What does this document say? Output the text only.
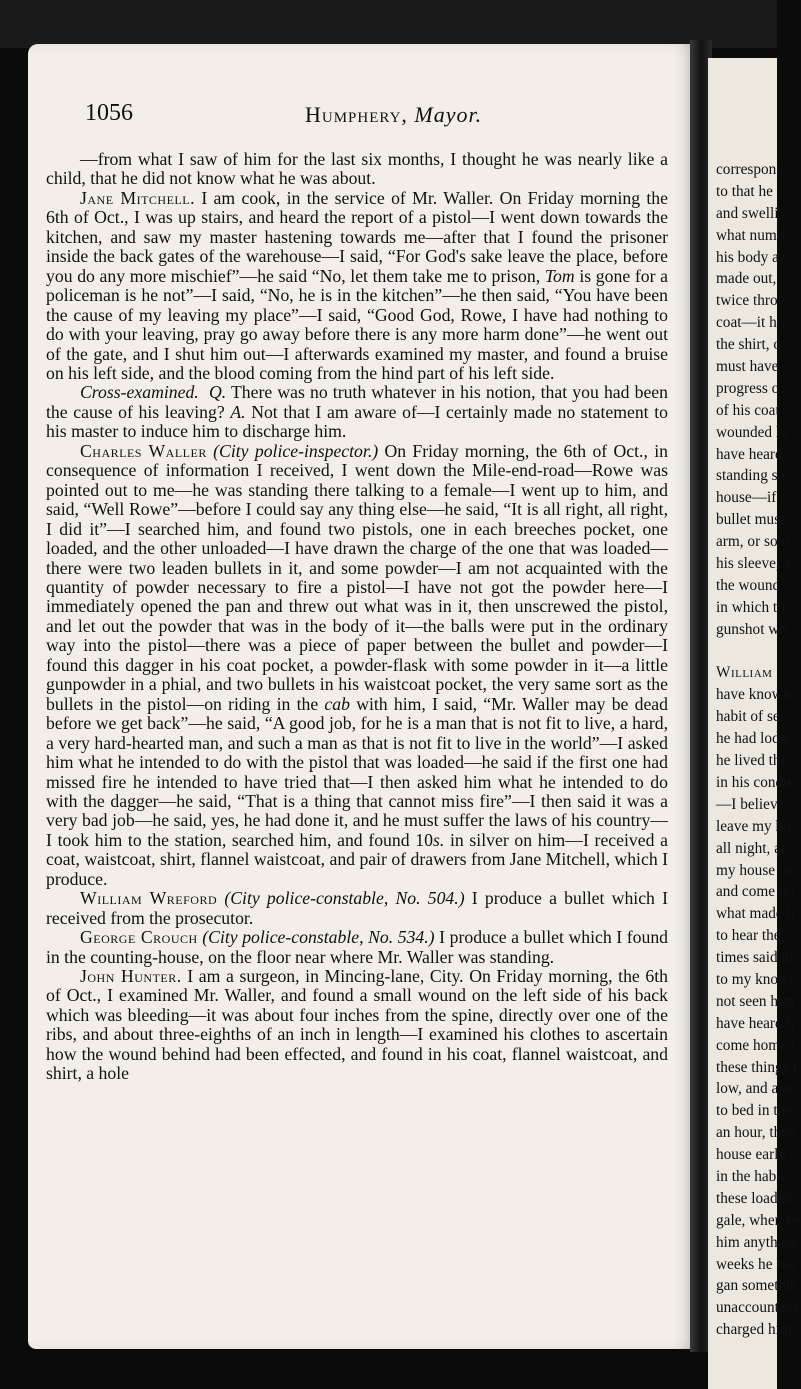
1056	Humphery, Mayor.

—from what I saw of him for the last six months, I thought he was nearly like a child, that he did not know what he was about.

Jane Mitchell. I am cook, in the service of Mr. Waller. On Friday morning the 6th of Oct., I was up stairs, and heard the report of a pistol—I went down towards the kitchen, and saw my master hastening towards me—after that I found the prisoner inside the back gates of the warehouse—I said, “For God's sake leave the place, before you do any more mischief”—he said “No, let them take me to prison, Tom is gone for a policeman is he not”—I said, “No, he is in the kitchen”—he then said, “You have been the cause of my leaving my place”—I said, “Good God, Rowe, I have had nothing to do with your leaving, pray go away before there is any more harm done”—he went out of the gate, and I shut him out—I afterwards examined my master, and found a bruise on his left side, and the blood coming from the hind part of his left side.

Cross-examined. Q. There was no truth whatever in his notion, that you had been the cause of his leaving? A. Not that I am aware of—I certainly made no statement to his master to induce him to discharge him.

Charles Waller (City police-inspector.) On Friday morning, the 6th of Oct., in consequence of information I received, I went down the Mile-end-road—Rowe was pointed out to me—he was standing there talking to a female—I went up to him, and said, “Well Rowe”—before I could say any thing else—he said, “It is all right, all right, I did it”—I searched him, and found two pistols, one in each breeches pocket, one loaded, and the other unloaded—I have drawn the charge of the one that was loaded—there were two leaden bullets in it, and some powder—I am not acquainted with the quantity of powder necessary to fire a pistol—I have not got the powder here—I immediately opened the pan and threw out what was in it, then unscrewed the pistol, and let out the powder that was in the body of it—the balls were put in the ordinary way into the pistol—there was a piece of paper between the bullet and powder—I found this dagger in his coat pocket, a powder-flask with some powder in it—a little gunpowder in a phial, and two bullets in his waistcoat pocket, the very same sort as the bullets in the pistol—on riding in the cab with him, I said, “Mr. Waller may be dead before we get back”—he said, “A good job, for he is a man that is not fit to live, a hard, a very hard-hearted man, and such a man as that is not fit to live in the world”—I asked him what he intended to do with the pistol that was loaded—he said if the first one had missed fire he intended to have tried that—I then asked him what he intended to do with the dagger—he said, “That is a thing that cannot miss fire”—I then said it was a very bad job—he said, yes, he had done it, and he must suffer the laws of his country—I took him to the station, searched him, and found 10s. in silver on him—I received a coat, waistcoat, shirt, flannel waistcoat, and pair of drawers from Jane Mitchell, which I produce.

William Wreford (City police-constable, No. 504.) I produce a bullet which I received from the prosecutor.

George Crouch (City police-constable, No. 534.) I produce a bullet which I found in the counting-house, on the floor near where Mr. Waller was standing.

John Hunter. I am a surgeon, in Mincing-lane, City. On Friday morning, the 6th of Oct., I examined Mr. Waller, and found a small wound on the left side of his back which was bleeding—it was about four inches from the spine, directly over one of the ribs, and about three-eighths of an inch in length—I examined his clothes to ascertain how the wound behind had been effected, and found in his coat, flannel waistcoat, and shirt, a hole

correspond
to that he
and swelli
what numb
his body a
made out,
twice throu
coat—it h
the shirt, o
must have
progress o
of his coat
wounded hi
have heard
standing sic
house—if t
bullet must
arm, or som
his sleeve, a
the wound
in which th
gunshot wo
William
have known
habit of see
he had lodg
he lived the
in his condu
—I believe
leave my ho
all night, an
my house to
and come ho
what made h
to hear the
times said th
to my knowl
not seen him
have heard h
come home i
these things i
low, and alar
to bed in the
an hour, then
house early i
in the habit c
these loaded
gale, when he
him anything
weeks he has
gan somethir
unaccountabl
charged him,
